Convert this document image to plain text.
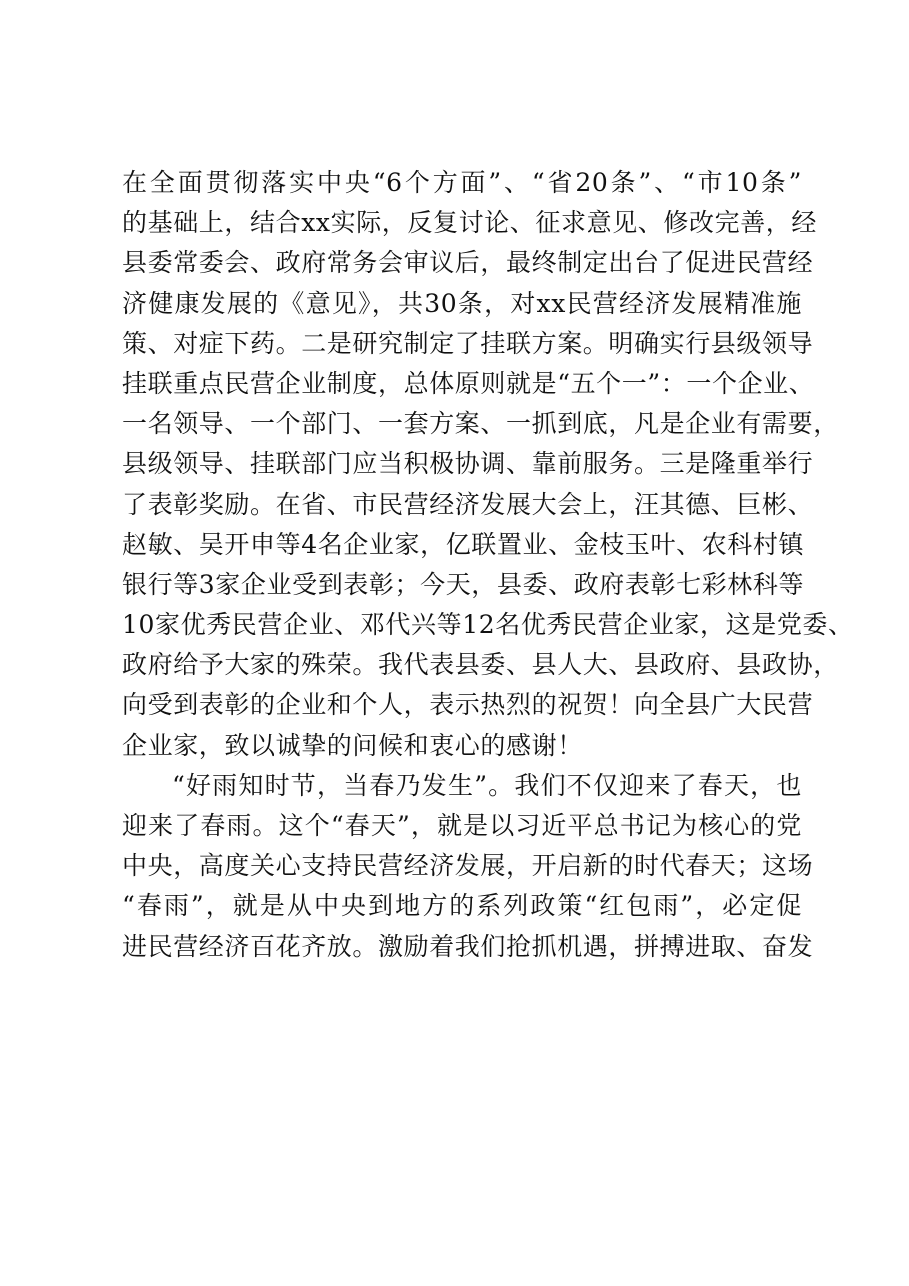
在全面贯彻落实中央“6个方面”、“省20条”、“市10条”
的基础上，结合xx实际，反复讨论、征求意见、修改完善，经
县委常委会、政府常务会审议后，最终制定出台了促进民营经
济健康发展的《意见》，共30条，对xx民营经济发展精准施
策、对症下药。二是研究制定了挂联方案。明确实行县级领导
挂联重点民营企业制度，总体原则就是“五个一”：一个企业、
一名领导、一个部门、一套方案、一抓到底，凡是企业有需要，
县级领导、挂联部门应当积极协调、靠前服务。三是隆重举行
了表彰奖励。在省、市民营经济发展大会上，汪其德、巨彬、
赵敏、吴开申等4名企业家，亿联置业、金枝玉叶、农科村镇
银行等3家企业受到表彰；今天，县委、政府表彰七彩林科等
10家优秀民营企业、邓代兴等12名优秀民营企业家，这是党委、
政府给予大家的殊荣。我代表县委、县人大、县政府、县政协，
向受到表彰的企业和个人，表示热烈的祝贺！向全县广大民营
企业家，致以诚挚的问候和衷心的感谢！
“好雨知时节，当春乃发生”。我们不仅迎来了春天，也
迎来了春雨。这个“春天”，就是以习近平总书记为核心的党
中央，高度关心支持民营经济发展，开启新的时代春天；这场
“春雨”，就是从中央到地方的系列政策“红包雨”，必定促
进民营经济百花齐放。激励着我们抢抓机遇，拼搏进取、奋发
